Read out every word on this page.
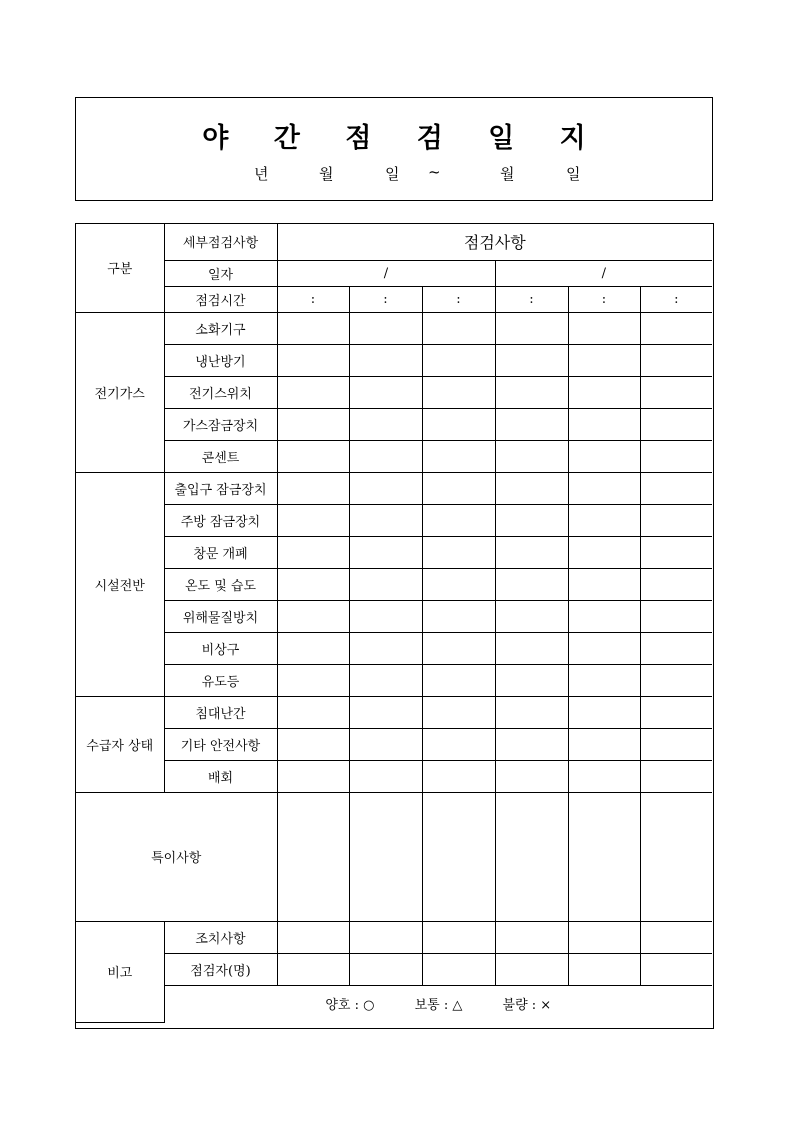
야 간 점 검 일 지
년	월	일 ~	월	일
구분	세부점검사항	점검사항					
	일자	/			/		
	점검시간	:	:	:	:	:	:
전기가스	소화기구						
	냉난방기						
	전기스위치						
	가스잠금장치						
	콘센트						
시설전반	출입구 잠금장치						
	주방 잠금장치						
	창문 개폐						
	온도 및 습도						
	위해물질방치						
	비상구						
	유도등						
수급자 상태	침대난간						
	기타 안전사항						
	배회						
특이사항							
비고	조치사항						
	점검자(명)						
	양호 : ○ 보통 : △ 불량 : ×						
